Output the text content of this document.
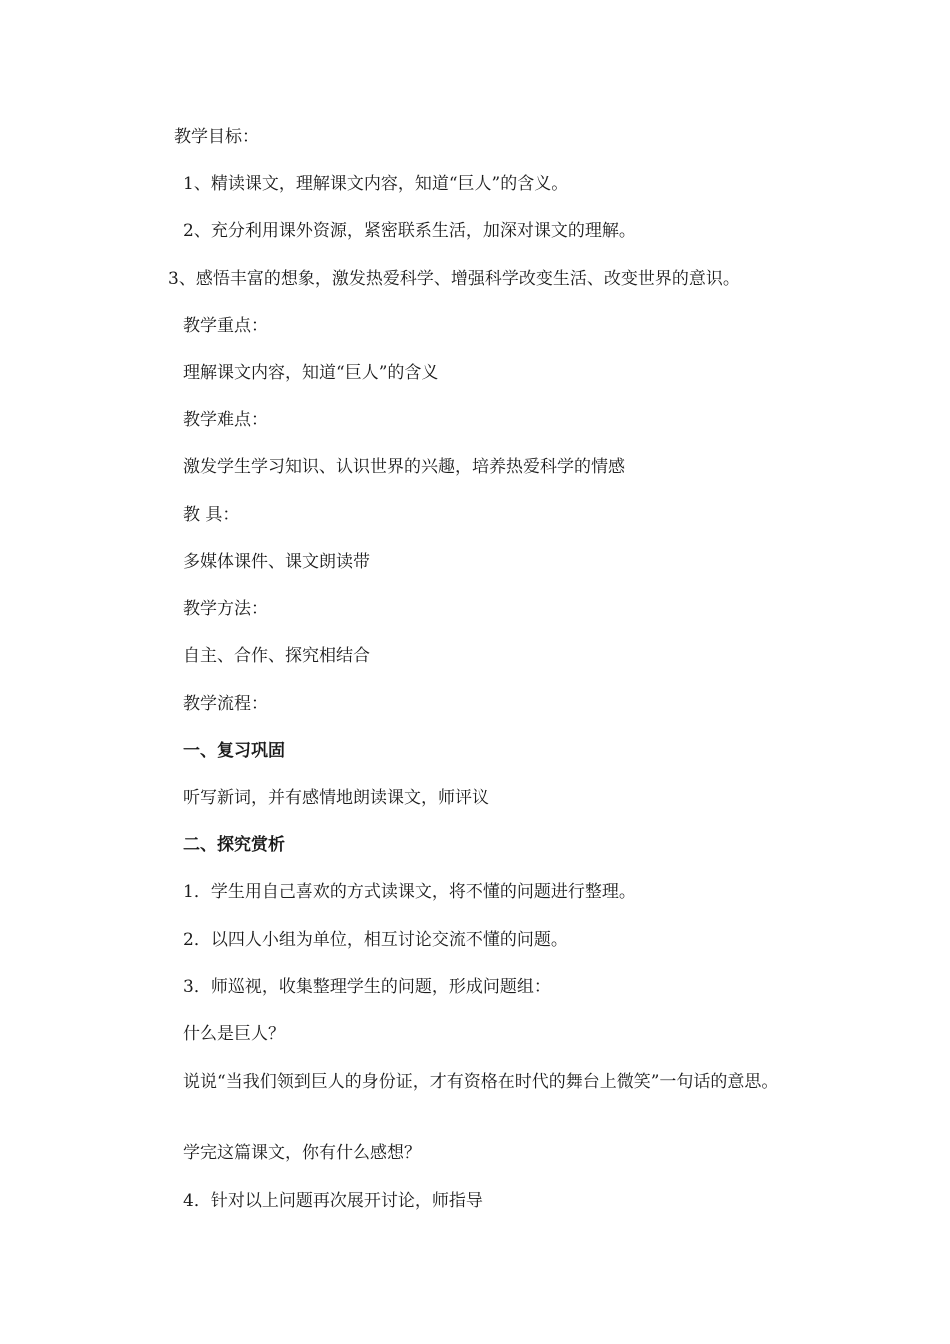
教学目标：

1、精读课文，理解课文内容，知道“巨人”的含义。

2、充分利用课外资源，紧密联系生活，加深对课文的理解。

3、感悟丰富的想象，激发热爱科学、增强科学改变生活、改变世界的意识。

教学重点：

理解课文内容，知道“巨人”的含义

教学难点：

激发学生学习知识、认识世界的兴趣，培养热爱科学的情感

教 具：

多媒体课件、课文朗读带

教学方法：

自主、合作、探究相结合

教学流程：

一、复习巩固

听写新词，并有感情地朗读课文，师评议

二、探究赏析

1．学生用自己喜欢的方式读课文，将不懂的问题进行整理。

2．以四人小组为单位，相互讨论交流不懂的问题。

3．师巡视，收集整理学生的问题，形成问题组：

什么是巨人？

说说“当我们领到巨人的身份证，才有资格在时代的舞台上微笑”一句话的意思。

学完这篇课文，你有什么感想？

4．针对以上问题再次展开讨论，师指导
